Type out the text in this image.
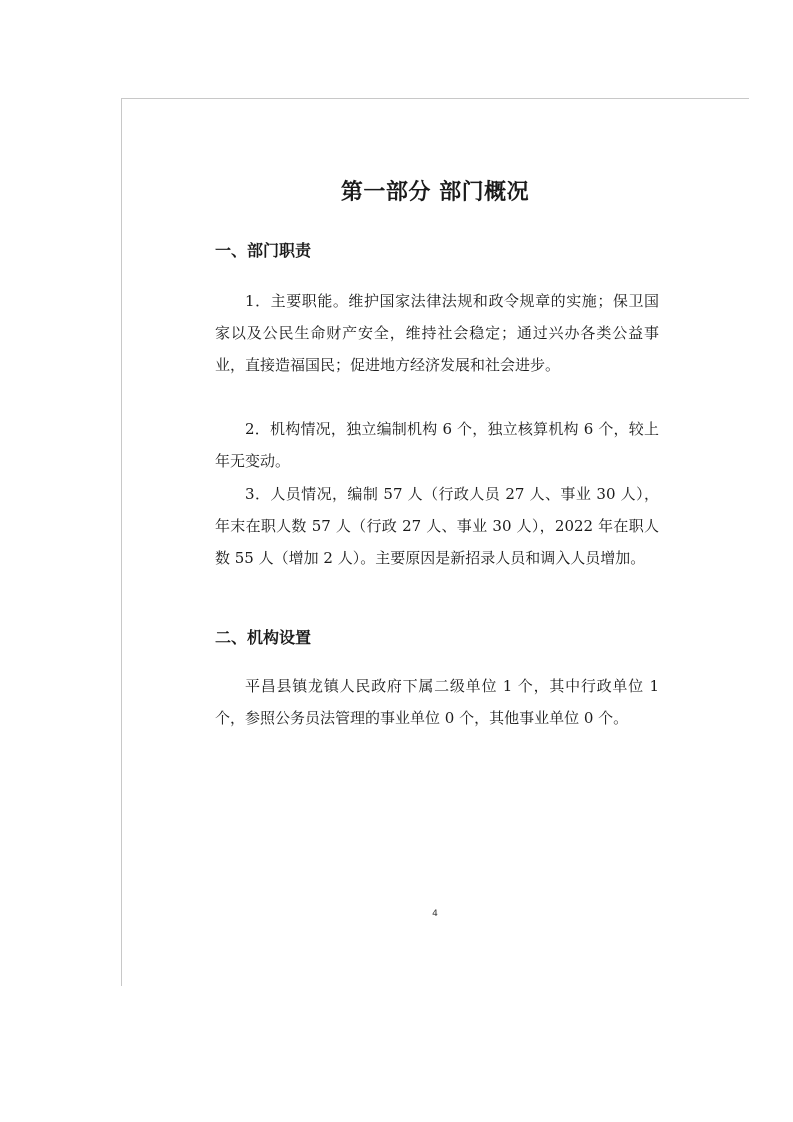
第一部分 部门概况
一、部门职责

1．主要职能。维护国家法律法规和政令规章的实施；保卫国家以及公民生命财产安全，维持社会稳定；通过兴办各类公益事业，直接造福国民；促进地方经济发展和社会进步。

2．机构情况，独立编制机构 6 个，独立核算机构 6 个，较上年无变动。

3．人员情况，编制 57 人（行政人员 27 人、事业 30 人），年末在职人数 57 人（行政 27 人、事业 30 人），2022 年在职人数 55 人（增加 2 人）。主要原因是新招录人员和调入人员增加。

二、机构设置

平昌县镇龙镇人民政府下属二级单位 1 个，其中行政单位 1 个，参照公务员法管理的事业单位 0 个，其他事业单位 0 个。

4
